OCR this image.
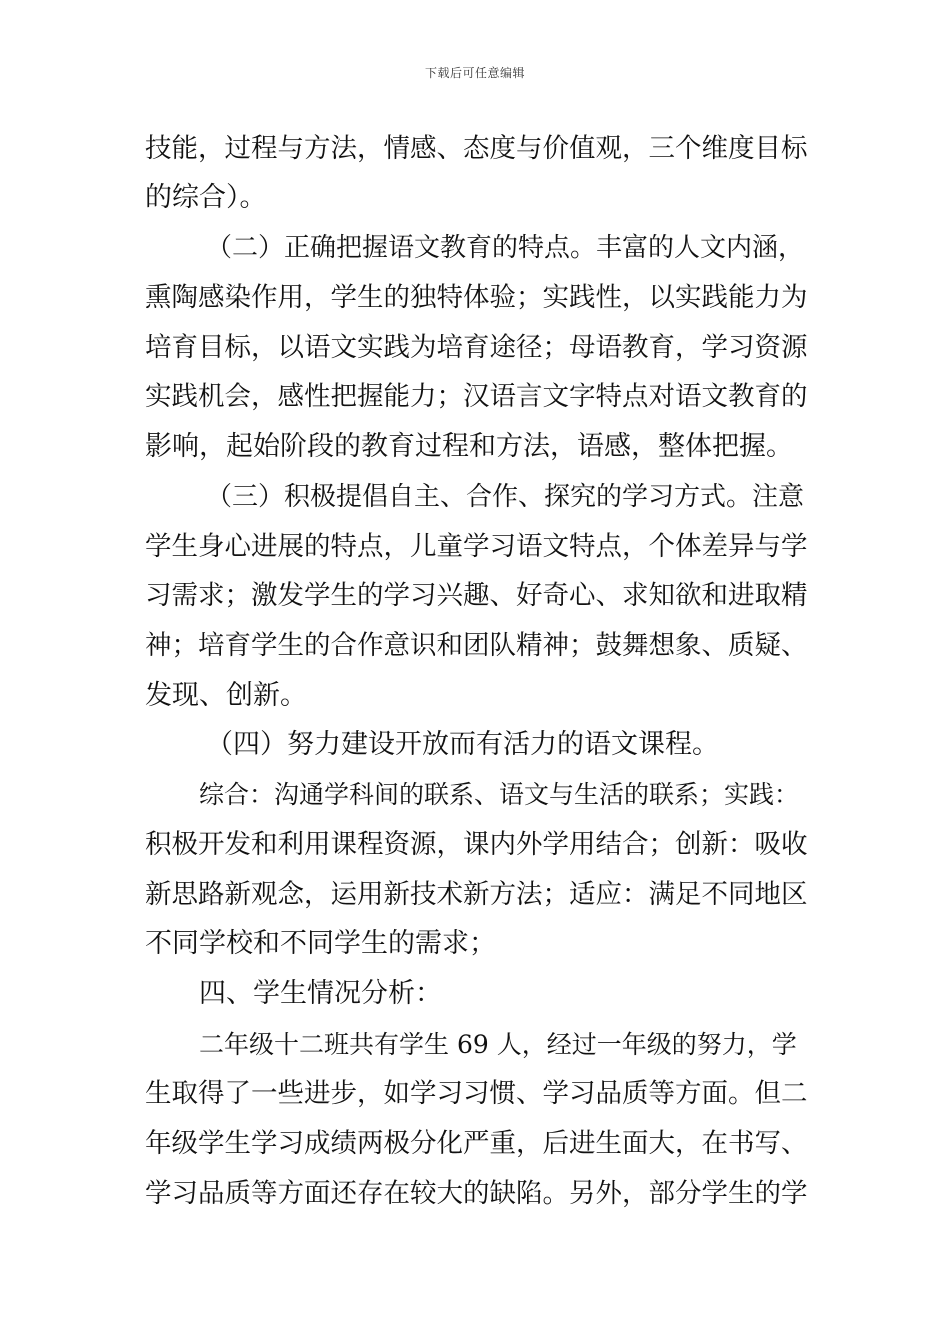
下载后可任意编辑
技能，过程与方法，情感、态度与价值观，三个维度目标
的综合）。
（二）正确把握语文教育的特点。丰富的人文内涵，
熏陶感染作用，学生的独特体验；实践性，以实践能力为
培育目标，以语文实践为培育途径；母语教育，学习资源
实践机会，感性把握能力；汉语言文字特点对语文教育的
影响，起始阶段的教育过程和方法，语感，整体把握。
（三）积极提倡自主、合作、探究的学习方式。注意
学生身心进展的特点，儿童学习语文特点，个体差异与学
习需求；激发学生的学习兴趣、好奇心、求知欲和进取精
神；培育学生的合作意识和团队精神；鼓舞想象、质疑、
发现、创新。
（四）努力建设开放而有活力的语文课程。
综合：沟通学科间的联系、语文与生活的联系；实践：
积极开发和利用课程资源，课内外学用结合；创新：吸收
新思路新观念，运用新技术新方法；适应：满足不同地区
不同学校和不同学生的需求；
四、学生情况分析：
二年级十二班共有学生 69 人，经过一年级的努力，学
生取得了一些进步，如学习习惯、学习品质等方面。但二
年级学生学习成绩两极分化严重，后进生面大，在书写、
学习品质等方面还存在较大的缺陷。另外，部分学生的学
